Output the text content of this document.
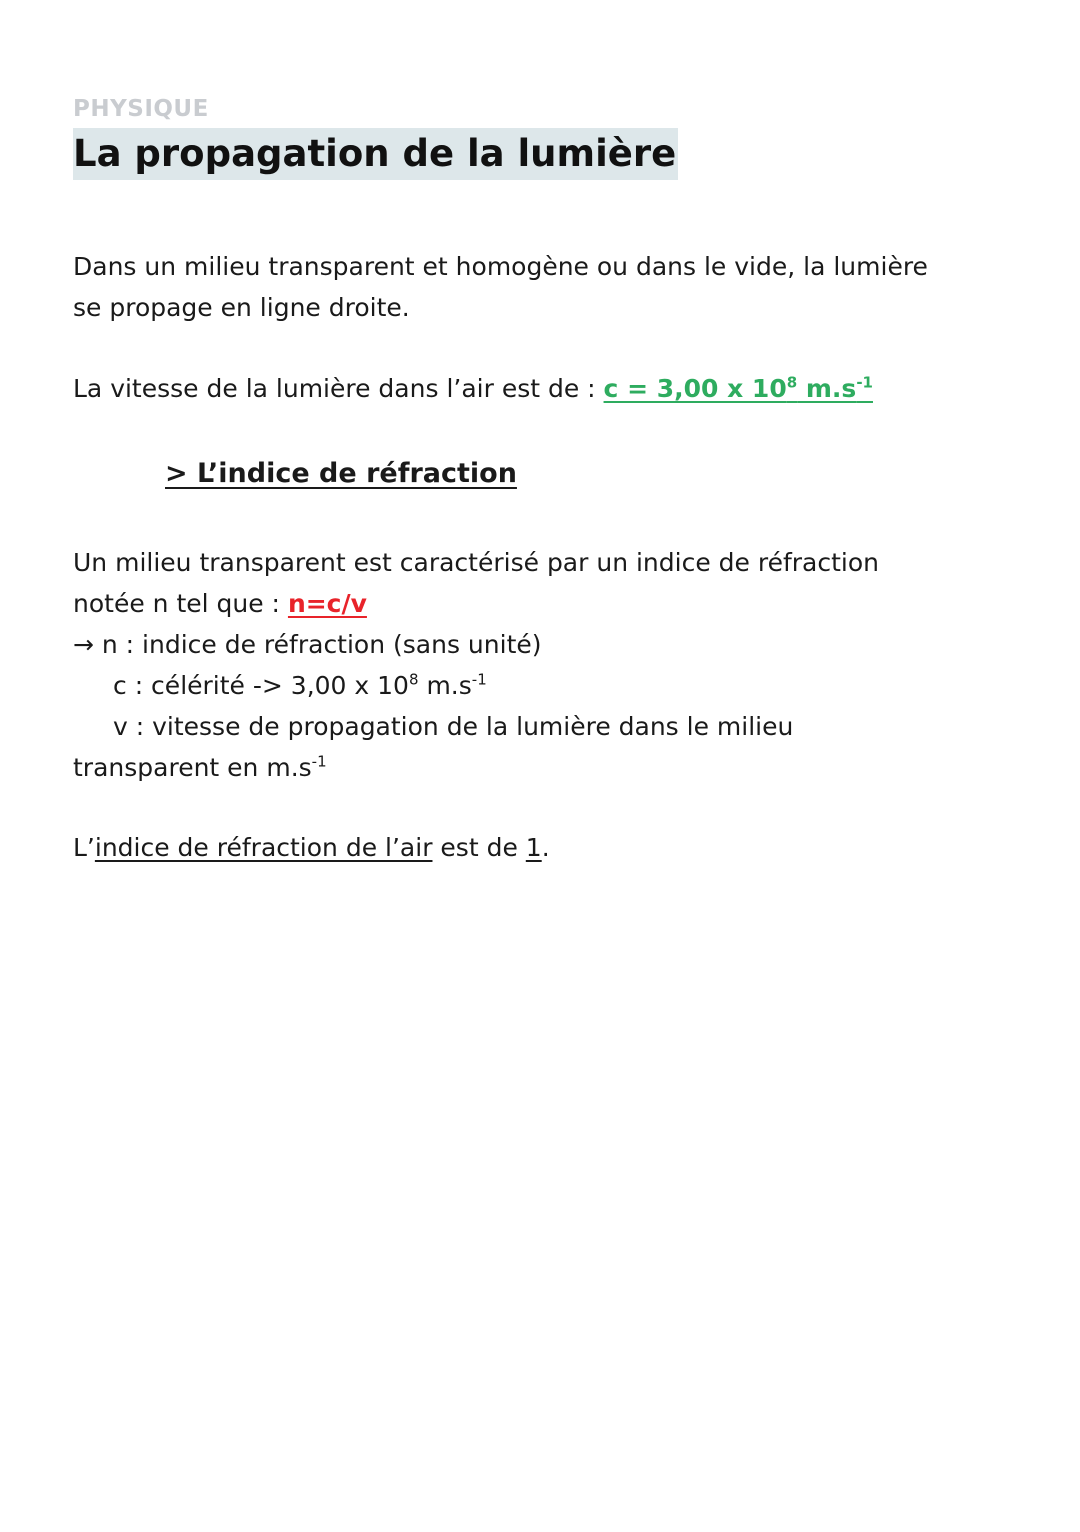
PHYSIQUE
La propagation de la lumière
Dans un milieu transparent et homogène ou dans le vide, la lumière
se propage en ligne droite.
La vitesse de la lumière dans l’air est de : c = 3,00 x $10^8$ $m.s^{-1}$
> L’indice de réfraction
Un milieu transparent est caractérisé par un indice de réfraction
notée n tel que : n=c/v
→ n : indice de réfraction (sans unité)
c : célérité -> 3,00 x $10^8$ $m.s^{-1}$
v : vitesse de propagation de la lumière dans le milieu
transparent en $m.s^{-1}$
L’indice de réfraction de l’air est de 1.
